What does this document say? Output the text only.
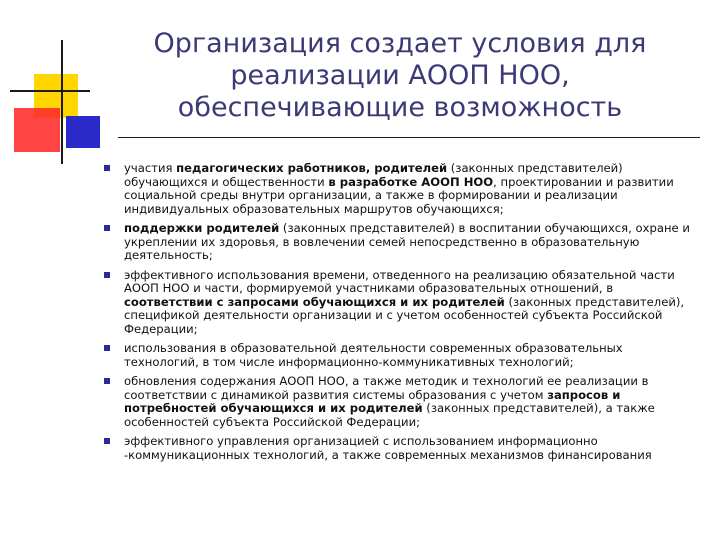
Организация создает условия для реализации АООП НОО, обеспечивающие возможность
участия педагогических работников, родителей (законных представителей) обучающихся и общественности в разработке АООП НОО, проектировании и развитии социальной среды внутри организации, а также в формировании и реализации индивидуальных образовательных маршрутов обучающихся;
поддержки родителей (законных представителей) в воспитании обучающихся, охране и укреплении их здоровья, в вовлечении семей непосредственно в образовательную деятельность;
эффективного использования времени, отведенного на реализацию обязательной части АООП НОО и части, формируемой участниками образовательных отношений, в соответствии с запросами обучающихся и их родителей (законных представителей), спецификой деятельности организации и с учетом особенностей субъекта Российской Федерации;
использования в образовательной деятельности современных образовательных технологий, в том числе информационно-коммуникативных технологий;
обновления содержания АООП НОО, а также методик и технологий ее реализации в соответствии с динамикой развития системы образования с учетом запросов и потребностей обучающихся и их родителей (законных представителей), а также особенностей субъекта Российской Федерации;
эффективного управления организацией с использованием информационно -коммуникационных технологий, а также современных механизмов финансирования
